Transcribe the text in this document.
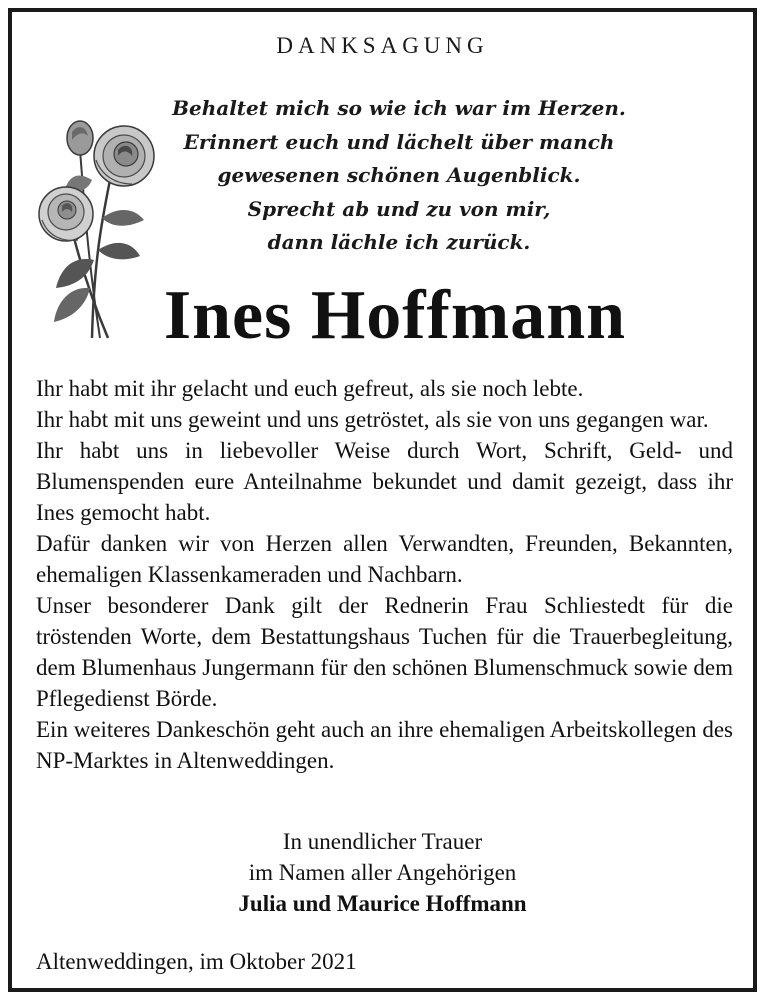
DANKSAGUNG
Behaltet mich so wie ich war im Herzen.
Erinnert euch und lächelt über manch
gewesenen schönen Augenblick.
Sprecht ab und zu von mir,
dann lächle ich zurück.
Ines Hoffmann

Ihr habt mit ihr gelacht und euch gefreut, als sie noch lebte.

Ihr habt mit uns geweint und uns getröstet, als sie von uns gegangen war.

Ihr habt uns in liebevoller Weise durch Wort, Schrift, Geld- und Blumenspenden eure Anteilnahme bekundet und damit gezeigt, dass ihr Ines gemocht habt.

Dafür danken wir von Herzen allen Verwandten, Freunden, Bekannten, ehemaligen Klassenkameraden und Nachbarn.

Unser besonderer Dank gilt der Rednerin Frau Schliestedt für die tröstenden Worte, dem Bestattungshaus Tuchen für die Trauerbegleitung, dem Blumenhaus Jungermann für den schönen Blumenschmuck sowie dem Pflegedienst Börde.

Ein weiteres Dankeschön geht auch an ihre ehemaligen Arbeitskollegen des NP-Marktes in Altenweddingen.

In unendlicher Trauer
im Namen aller Angehörigen
Julia und Maurice Hoffmann
Altenweddingen, im Oktober 2021
